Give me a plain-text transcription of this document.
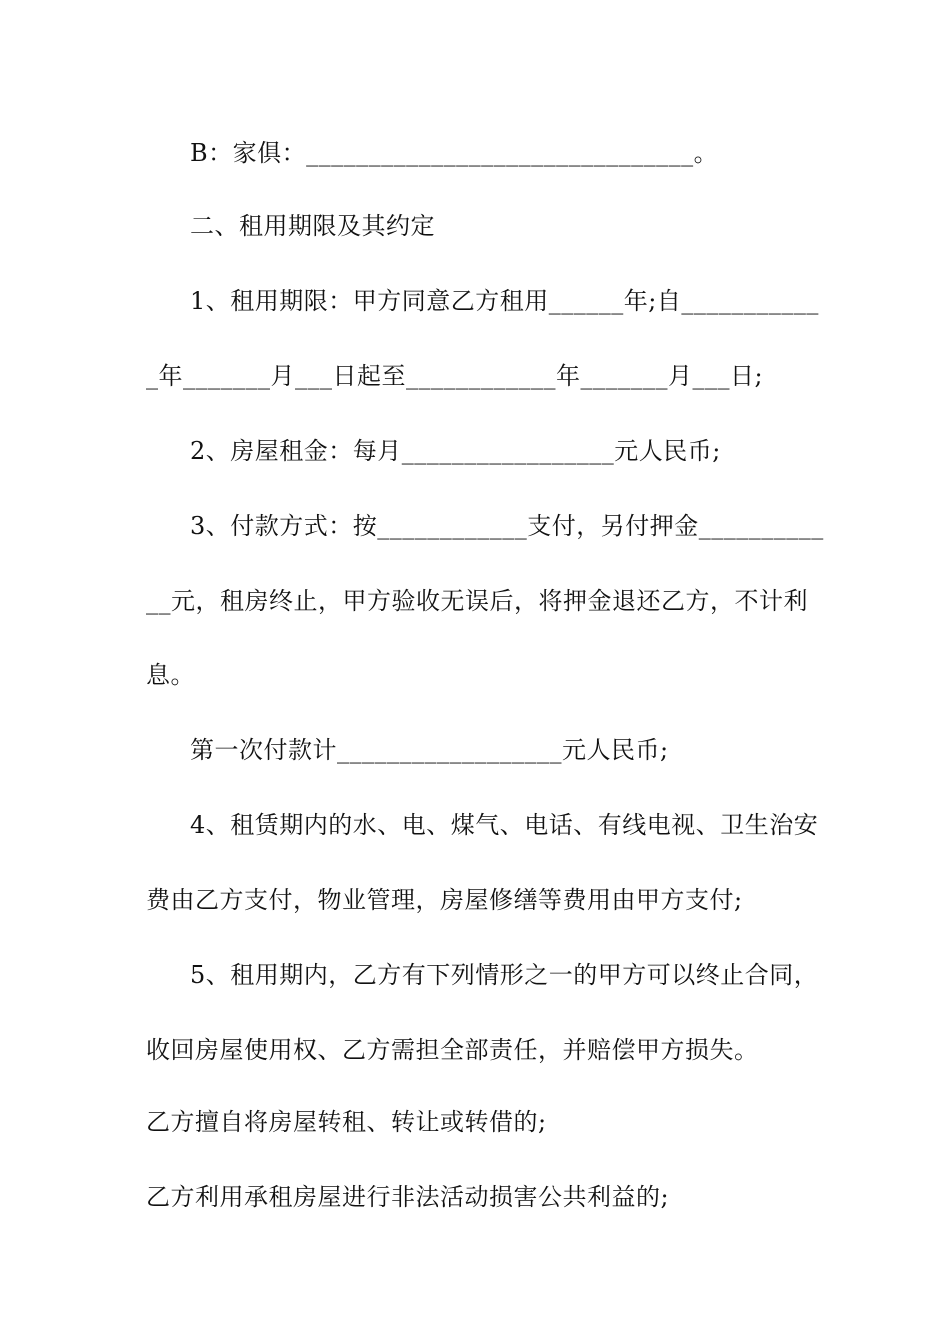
B：家俱：_______________________________。
二、租用期限及其约定
1、租用期限：甲方同意乙方租用______年;自___________
_年_______月___日起至____________年_______月___日;
2、房屋租金：每月_________________元人民币;
3、付款方式：按____________支付，另付押金__________
__元，租房终止，甲方验收无误后，将押金退还乙方，不计利
息。
第一次付款计__________________元人民币;
4、租赁期内的水、电、煤气、电话、有线电视、卫生治安
费由乙方支付，物业管理，房屋修缮等费用由甲方支付;
5、租用期内，乙方有下列情形之一的甲方可以终止合同，
收回房屋使用权、乙方需担全部责任，并赔偿甲方损失。
乙方擅自将房屋转租、转让或转借的;
乙方利用承租房屋进行非法活动损害公共利益的;
